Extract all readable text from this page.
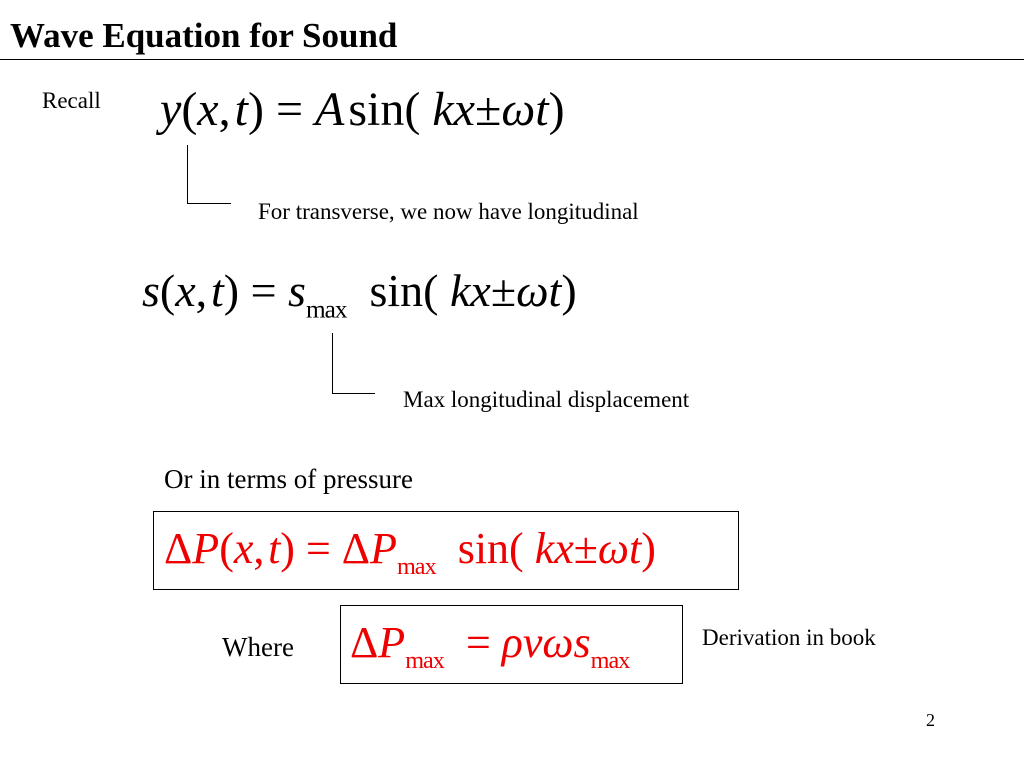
Wave Equation for Sound
Recall y(x, t) = A sin( kx±ωt)
For transverse, we now have longitudinal
s(x, $t) = s_{max}$ sin( kx±ωt)
Max longitudinal displacement
Or in terms of pressure
ΔP(x, $t) = \Delta P_{max}$ sin( kx±ωt)
Where $\Delta P_{max}$ = ρvωs$_{max}$
Derivation in book
2
